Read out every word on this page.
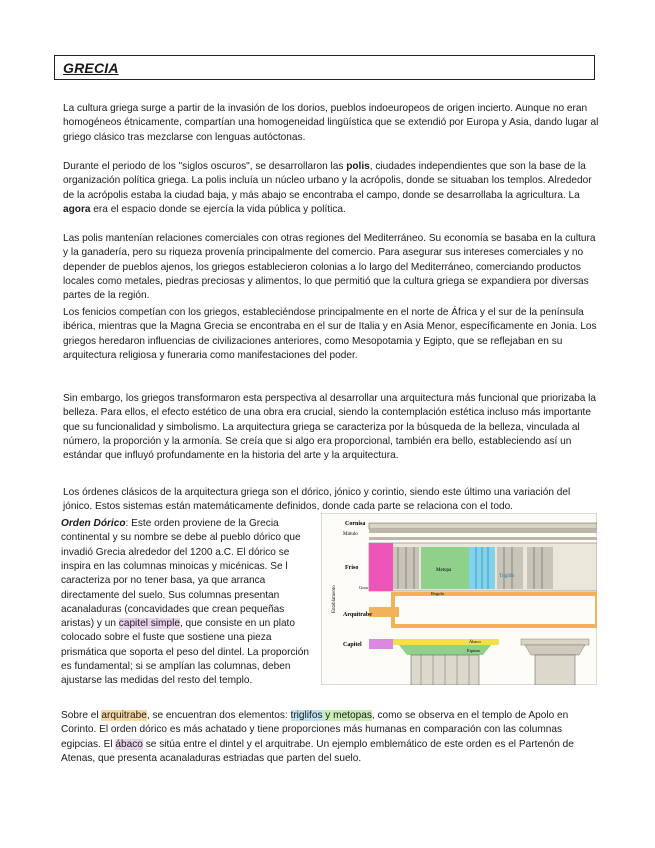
GRECIA

La cultura griega surge a partir de la invasión de los dorios, pueblos indoeuropeos de origen incierto. Aunque no eran homogéneos étnicamente, compartían una homogeneidad lingüística que se extendió por Europa y Asia, dando lugar al griego clásico tras mezclarse con lenguas autóctonas.

Durante el periodo de los "siglos oscuros", se desarrollaron las polis, ciudades independientes que son la base de la organización política griega. La polis incluía un núcleo urbano y la acrópolis, donde se situaban los templos. Alrededor de la acrópolis estaba la ciudad baja, y más abajo se encontraba el campo, donde se desarrollaba la agricultura. La agora era el espacio donde se ejercía la vida pública y política.

Las polis mantenían relaciones comerciales con otras regiones del Mediterráneo. Su economía se basaba en la cultura y la ganadería, pero su riqueza provenía principalmente del comercio. Para asegurar sus intereses comerciales y no depender de pueblos ajenos, los griegos establecieron colonias a lo largo del Mediterráneo, comerciando productos locales como metales, piedras preciosas y alimentos, lo que permitió que la cultura griega se expandiera por diversas partes de la región.

Los fenicios competían con los griegos, estableciéndose principalmente en el norte de África y el sur de la península ibérica, mientras que la Magna Grecia se encontraba en el sur de Italia y en Asia Menor, específicamente en Jonia. Los griegos heredaron influencias de civilizaciones anteriores, como Mesopotamia y Egipto, que se reflejaban en su arquitectura religiosa y funeraria como manifestaciones del poder.

Sin embargo, los griegos transformaron esta perspectiva al desarrollar una arquitectura más funcional que priorizaba la belleza. Para ellos, el efecto estético de una obra era crucial, siendo la contemplación estética incluso más importante que su funcionalidad y simbolismo. La arquitectura griega se caracteriza por la búsqueda de la belleza, vinculada al número, la proporción y la armonía. Se creía que si algo era proporcional, también era bello, estableciendo así un estándar que influyó profundamente en la historia del arte y la arquitectura.

Los órdenes clásicos de la arquitectura griega son el dórico, jónico y corintio, siendo este último una variación del jónico. Estos sistemas están matemáticamente definidos, donde cada parte se relaciona con el todo.

Orden Dórico: Este orden proviene de la Grecia continental y su nombre se debe al pueblo dórico que invadió Grecia alrededor del 1200 a.C. El dórico se inspira en las columnas minoicas y micénicas. Se l caracteriza por no tener basa, ya que arranca directamente del suelo. Sus columnas presentan acanaladuras (concavidades que crean pequeñas aristas) y un capitel simple, que consiste en un plato colocado sobre el fuste que sostiene una pieza prismática que soporta el peso del dintel. La proporción es fundamental; si se amplían las columnas, deben ajustarse las medidas del resto del templo.

Cornisa
Mútulo
Friso	Metopa
Triglifo
Gota
Regula
Arquitrabe
Capitel
Ábaco
Equino
Entablamento

Sobre el arquitrabe, se encuentran dos elementos: triglifos y metopas, como se observa en el templo de Apolo en Corinto. El orden dórico es más achatado y tiene proporciones más humanas en comparación con las columnas egipcias. El ábaco se sitúa entre el dintel y el arquitrabe. Un ejemplo emblemático de este orden es el Partenón de Atenas, que presenta acanaladuras estriadas que parten del suelo.
